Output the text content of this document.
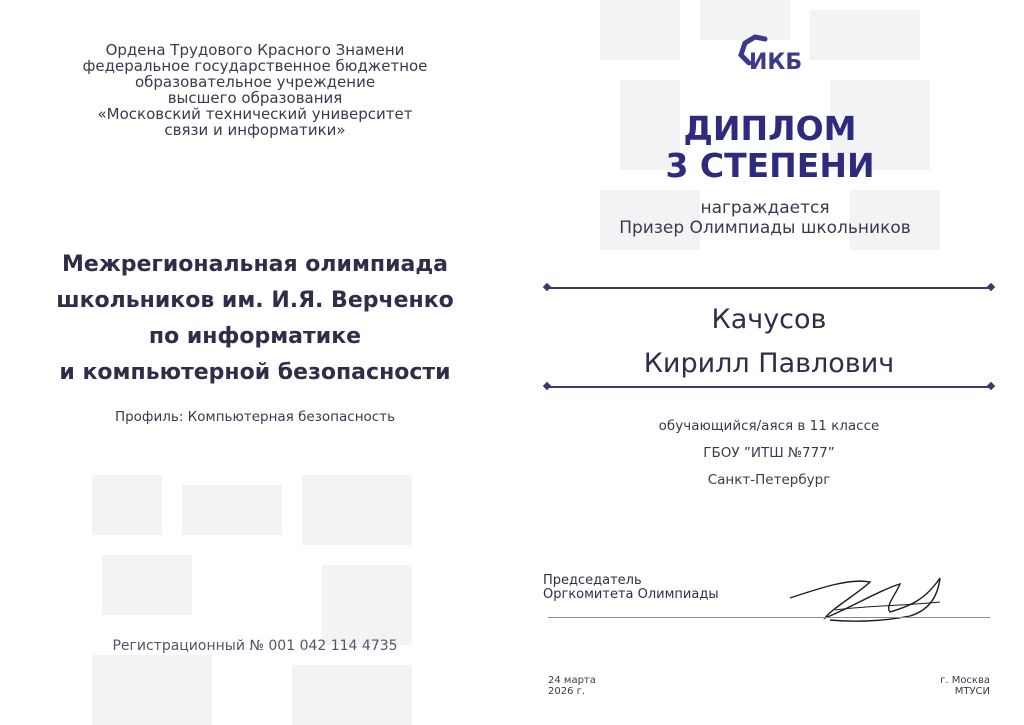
Ордена Трудового Красного Знамени
федеральное государственное бюджетное
образовательное учреждение
высшего образования
«Московский технический университет
связи и информатики»
Межрегиональная олимпиада
школьников им. И.Я. Верченко
по информатике
и компьютерной безопасности
Профиль: Компьютерная безопасность
Регистрационный № 001 042 114 4735
ИКБ
ДИПЛОМ
3 СТЕПЕНИ
награждается
Призер Олимпиады школьников
Качусов
Кирилл Павлович
обучающийся/аяся в 11 классе
ГБОУ ”ИТШ №777”
Санкт-Петербург
Председатель
Оргкомитета Олимпиады
24 марта
2026 г.
г. Москва
МТУСИ
